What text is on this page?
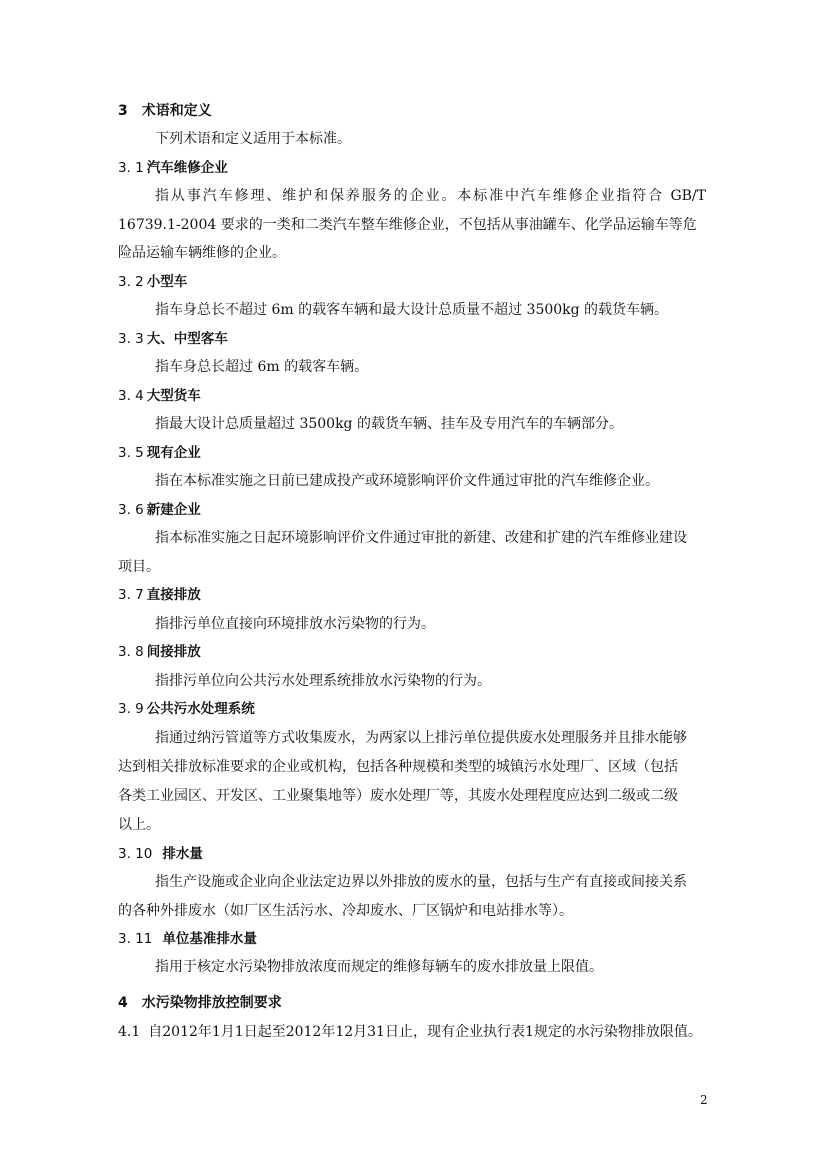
3 术语和定义
下列术语和定义适用于本标准。
3. 1 汽车维修企业
指从事汽车修理、维护和保养服务的企业。本标准中汽车维修企业指符合 GB/T
16739.1-2004 要求的一类和二类汽车整车维修企业，不包括从事油罐车、化学品运输车等危
险品运输车辆维修的企业。
3. 2 小型车
指车身总长不超过 6m 的载客车辆和最大设计总质量不超过 3500kg 的载货车辆。
3. 3 大、中型客车
指车身总长超过 6m 的载客车辆。
3. 4 大型货车
指最大设计总质量超过 3500kg 的载货车辆、挂车及专用汽车的车辆部分。
3. 5 现有企业
指在本标准实施之日前已建成投产或环境影响评价文件通过审批的汽车维修企业。
3. 6 新建企业
指本标准实施之日起环境影响评价文件通过审批的新建、改建和扩建的汽车维修业建设
项目。
3. 7 直接排放
指排污单位直接向环境排放水污染物的行为。
3. 8 间接排放
指排污单位向公共污水处理系统排放水污染物的行为。
3. 9 公共污水处理系统
指通过纳污管道等方式收集废水，为两家以上排污单位提供废水处理服务并且排水能够
达到相关排放标准要求的企业或机构，包括各种规模和类型的城镇污水处理厂、区域（包括
各类工业园区、开发区、工业聚集地等）废水处理厂等，其废水处理程度应达到二级或二级
以上。
3. 10 排水量
指生产设施或企业向企业法定边界以外排放的废水的量，包括与生产有直接或间接关系
的各种外排废水（如厂区生活污水、冷却废水、厂区锅炉和电站排水等）。
3. 11 单位基准排水量
指用于核定水污染物排放浓度而规定的维修每辆车的废水排放量上限值。
4 水污染物排放控制要求
4.1 自2012年1月1日起至2012年12月31日止，现有企业执行表1规定的水污染物排放限值。
2
